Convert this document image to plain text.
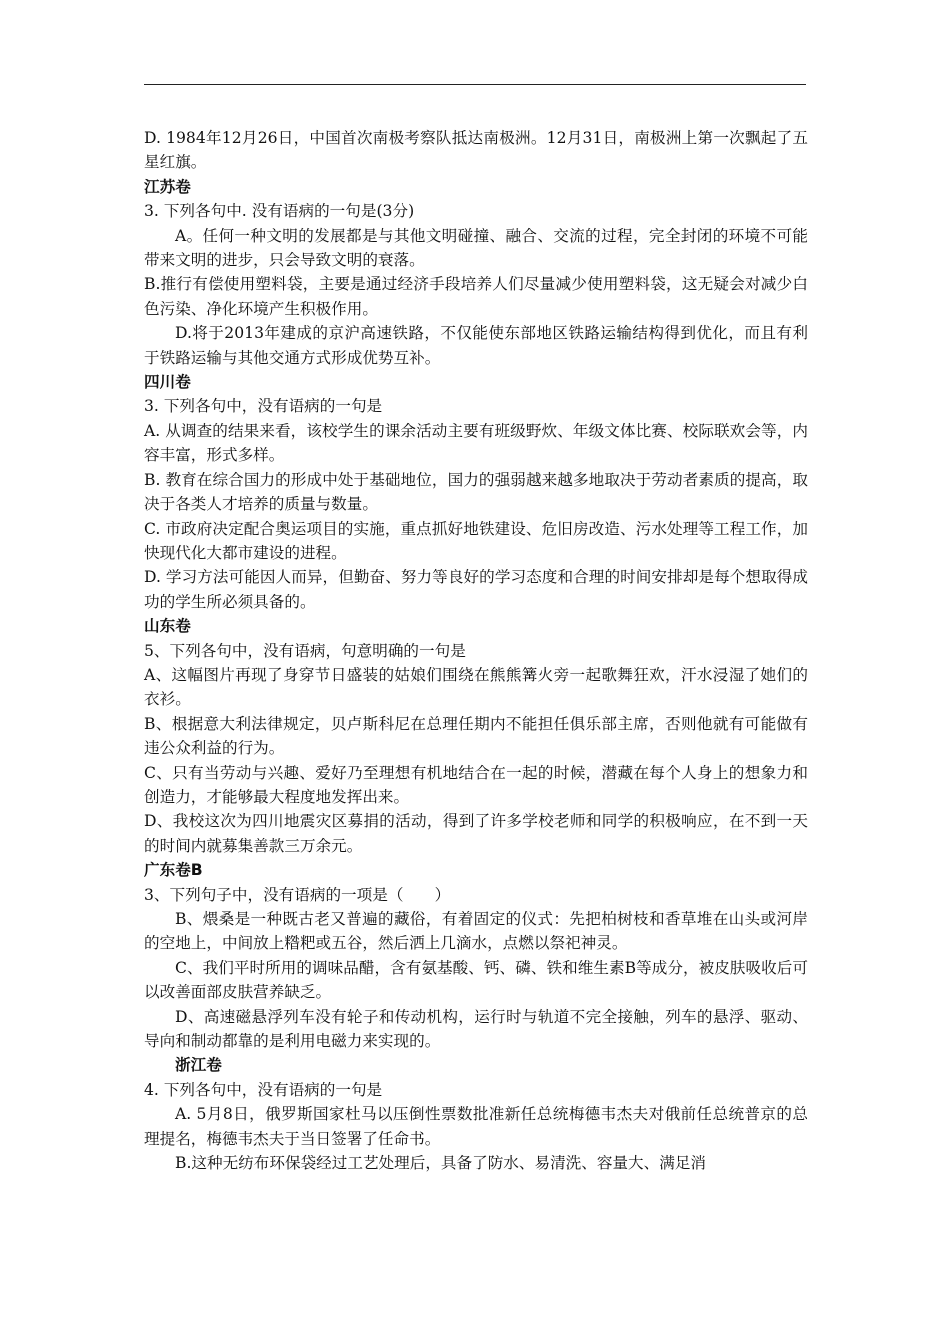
D. 1984年12月26日，中国首次南极考察队抵达南极洲。12月31日，南极洲上第一次飘起了五星红旗。

江苏卷

3. 下列各句中. 没有语病的一句是(3分)

A。任何一种文明的发展都是与其他文明碰撞、融合、交流的过程，完全封闭的环境不可能带来文明的进步，只会导致文明的衰落。

B.推行有偿使用塑料袋，主要是通过经济手段培养人们尽量减少使用塑料袋，这无疑会对减少白色污染、净化环境产生积极作用。

D.将于2013年建成的京沪高速铁路，不仅能使东部地区铁路运输结构得到优化，而且有利于铁路运输与其他交通方式形成优势互补。

四川卷

3. 下列各句中，没有语病的一句是

A. 从调查的结果来看，该校学生的课余活动主要有班级野炊、年级文体比赛、校际联欢会等，内容丰富，形式多样。

B. 教育在综合国力的形成中处于基础地位，国力的强弱越来越多地取决于劳动者素质的提高，取决于各类人才培养的质量与数量。

C. 市政府决定配合奥运项目的实施，重点抓好地铁建设、危旧房改造、污水处理等工程工作，加快现代化大都市建设的进程。

D. 学习方法可能因人而异，但勤奋、努力等良好的学习态度和合理的时间安排却是每个想取得成功的学生所必须具备的。

山东卷

5、下列各句中，没有语病，句意明确的一句是

A、这幅图片再现了身穿节日盛装的姑娘们围绕在熊熊篝火旁一起歌舞狂欢，汗水浸湿了她们的衣衫。

B、根据意大利法律规定，贝卢斯科尼在总理任期内不能担任俱乐部主席，否则他就有可能做有违公众利益的行为。

C、只有当劳动与兴趣、爱好乃至理想有机地结合在一起的时候，潜藏在每个人身上的想象力和创造力，才能够最大程度地发挥出来。

D、我校这次为四川地震灾区募捐的活动，得到了许多学校老师和同学的积极响应，在不到一天的时间内就募集善款三万余元。

广东卷B

3、下列句子中，没有语病的一项是（　　）

B、煨桑是一种既古老又普遍的藏俗，有着固定的仪式：先把柏树枝和香草堆在山头或河岸的空地上，中间放上糌粑或五谷，然后洒上几滴水，点燃以祭祀神灵。

C、我们平时所用的调味品醋，含有氨基酸、钙、磷、铁和维生素B等成分，被皮肤吸收后可以改善面部皮肤营养缺乏。

D、高速磁悬浮列车没有轮子和传动机构，运行时与轨道不完全接触，列车的悬浮、驱动、导向和制动都靠的是利用电磁力来实现的。

浙江卷

4. 下列各句中，没有语病的一句是

A. 5月8日，俄罗斯国家杜马以压倒性票数批准新任总统梅德韦杰夫对俄前任总统普京的总理提名，梅德韦杰夫于当日签署了任命书。

B.这种无纺布环保袋经过工艺处理后，具备了防水、易清洗、容量大、满足消
